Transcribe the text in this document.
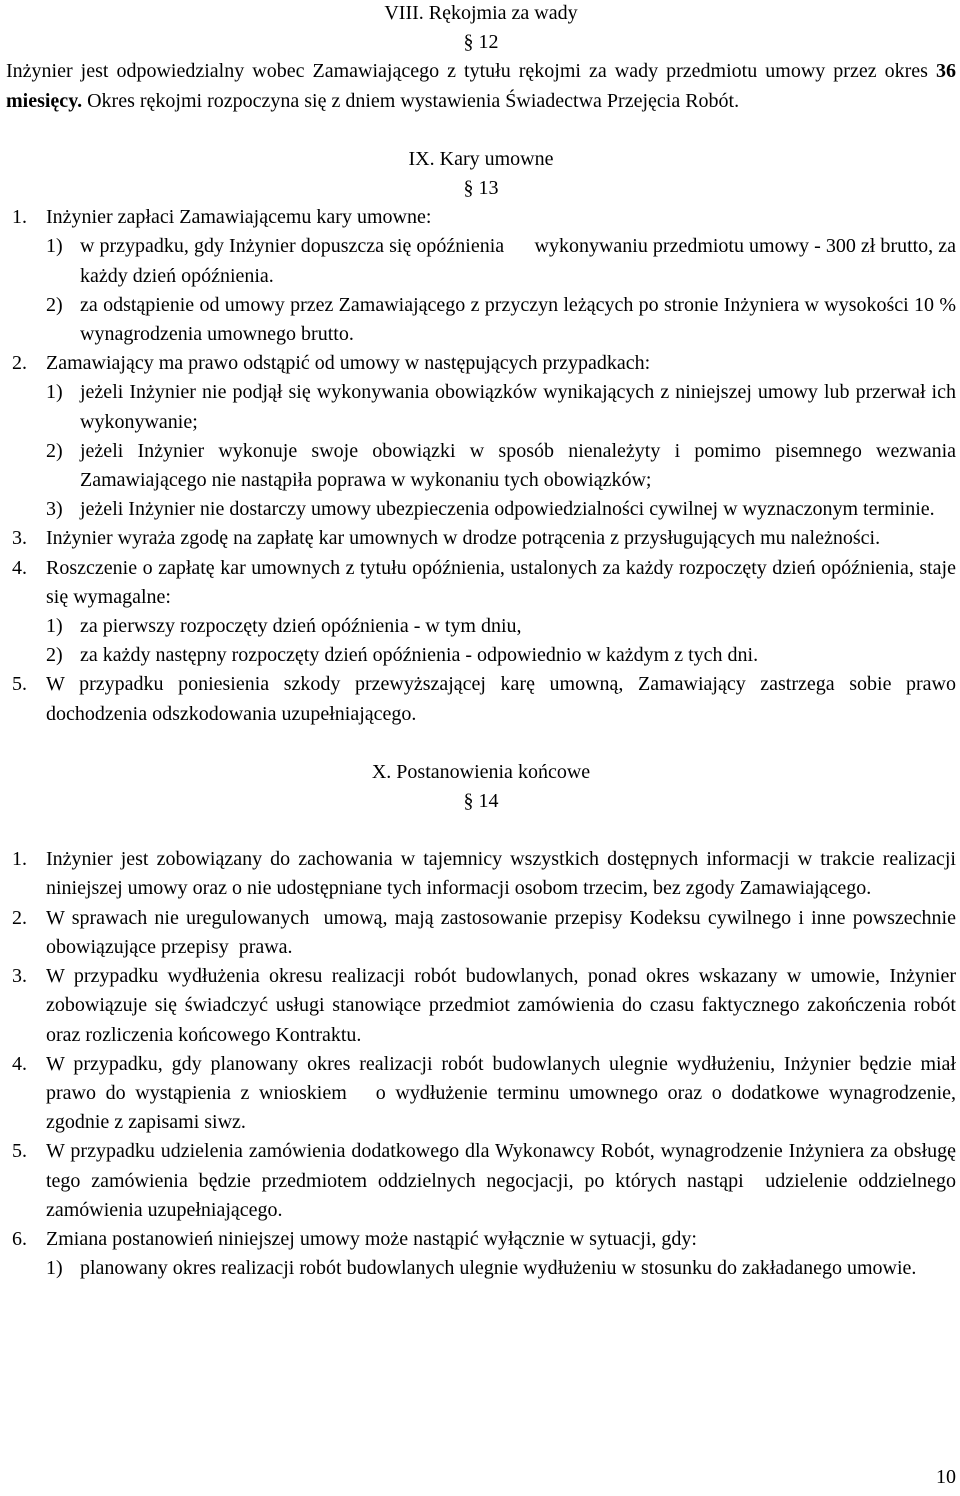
VIII. Rękojmia za wady
§ 12
Inżynier jest odpowiedzialny wobec Zamawiającego z tytułu rękojmi za wady przedmiotu umowy przez okres 36 miesięcy. Okres rękojmi rozpoczyna się z dniem wystawienia Świadectwa Przejęcia Robót.
IX. Kary umowne
§ 13
1. Inżynier zapłaci Zamawiającemu kary umowne:
1) w przypadku, gdy Inżynier dopuszcza się opóźnienia      wykonywaniu przedmiotu umowy - 300 zł brutto, za każdy dzień opóźnienia.
2) za odstąpienie od umowy przez Zamawiającego z przyczyn leżących po stronie Inżyniera w wysokości 10 % wynagrodzenia umownego brutto.
2. Zamawiający ma prawo odstąpić od umowy w następujących przypadkach:
1) jeżeli Inżynier nie podjął się wykonywania obowiązków wynikających z niniejszej umowy lub przerwał ich wykonywanie;
2) jeżeli Inżynier wykonuje swoje obowiązki w sposób nienależyty i pomimo pisemnego wezwania Zamawiającego nie nastąpiła poprawa w wykonaniu tych obowiązków;
3) jeżeli Inżynier nie dostarczy umowy ubezpieczenia odpowiedzialności cywilnej w wyznaczonym terminie.
3. Inżynier wyraża zgodę na zapłatę kar umownych w drodze potrącenia z przysługujących mu należności.
4. Roszczenie o zapłatę kar umownych z tytułu opóźnienia, ustalonych za każdy rozpoczęty dzień opóźnienia, staje się wymagalne:
1) za pierwszy rozpoczęty dzień opóźnienia - w tym dniu,
2) za każdy następny rozpoczęty dzień opóźnienia - odpowiednio w każdym z tych dni.
5. W przypadku poniesienia szkody przewyższającej karę umowną, Zamawiający zastrzega sobie prawo dochodzenia odszkodowania uzupełniającego.
X. Postanowienia końcowe
§ 14
1. Inżynier jest zobowiązany do zachowania w tajemnicy wszystkich dostępnych informacji w trakcie realizacji niniejszej umowy oraz o nie udostępniane tych informacji osobom trzecim, bez zgody Zamawiającego.
2. W sprawach nie uregulowanych  umową, mają zastosowanie przepisy Kodeksu cywilnego i inne powszechnie obowiązujące przepisy  prawa.
3. W przypadku wydłużenia okresu realizacji robót budowlanych, ponad okres wskazany w umowie, Inżynier zobowiązuje się świadczyć usługi stanowiące przedmiot zamówienia do czasu faktycznego zakończenia robót oraz rozliczenia końcowego Kontraktu.
4. W przypadku, gdy planowany okres realizacji robót budowlanych ulegnie wydłużeniu, Inżynier będzie miał prawo do wystąpienia z wnioskiem   o wydłużenie terminu umownego oraz o dodatkowe wynagrodzenie, zgodnie z zapisami siwz.
5. W przypadku udzielenia zamówienia dodatkowego dla Wykonawcy Robót, wynagrodzenie Inżyniera za obsługę tego zamówienia będzie przedmiotem oddzielnych negocjacji, po których nastąpi  udzielenie oddzielnego zamówienia uzupełniającego.
6. Zmiana postanowień niniejszej umowy może nastąpić wyłącznie w sytuacji, gdy:
1) planowany okres realizacji robót budowlanych ulegnie wydłużeniu w stosunku do zakładanego umowie.
10
